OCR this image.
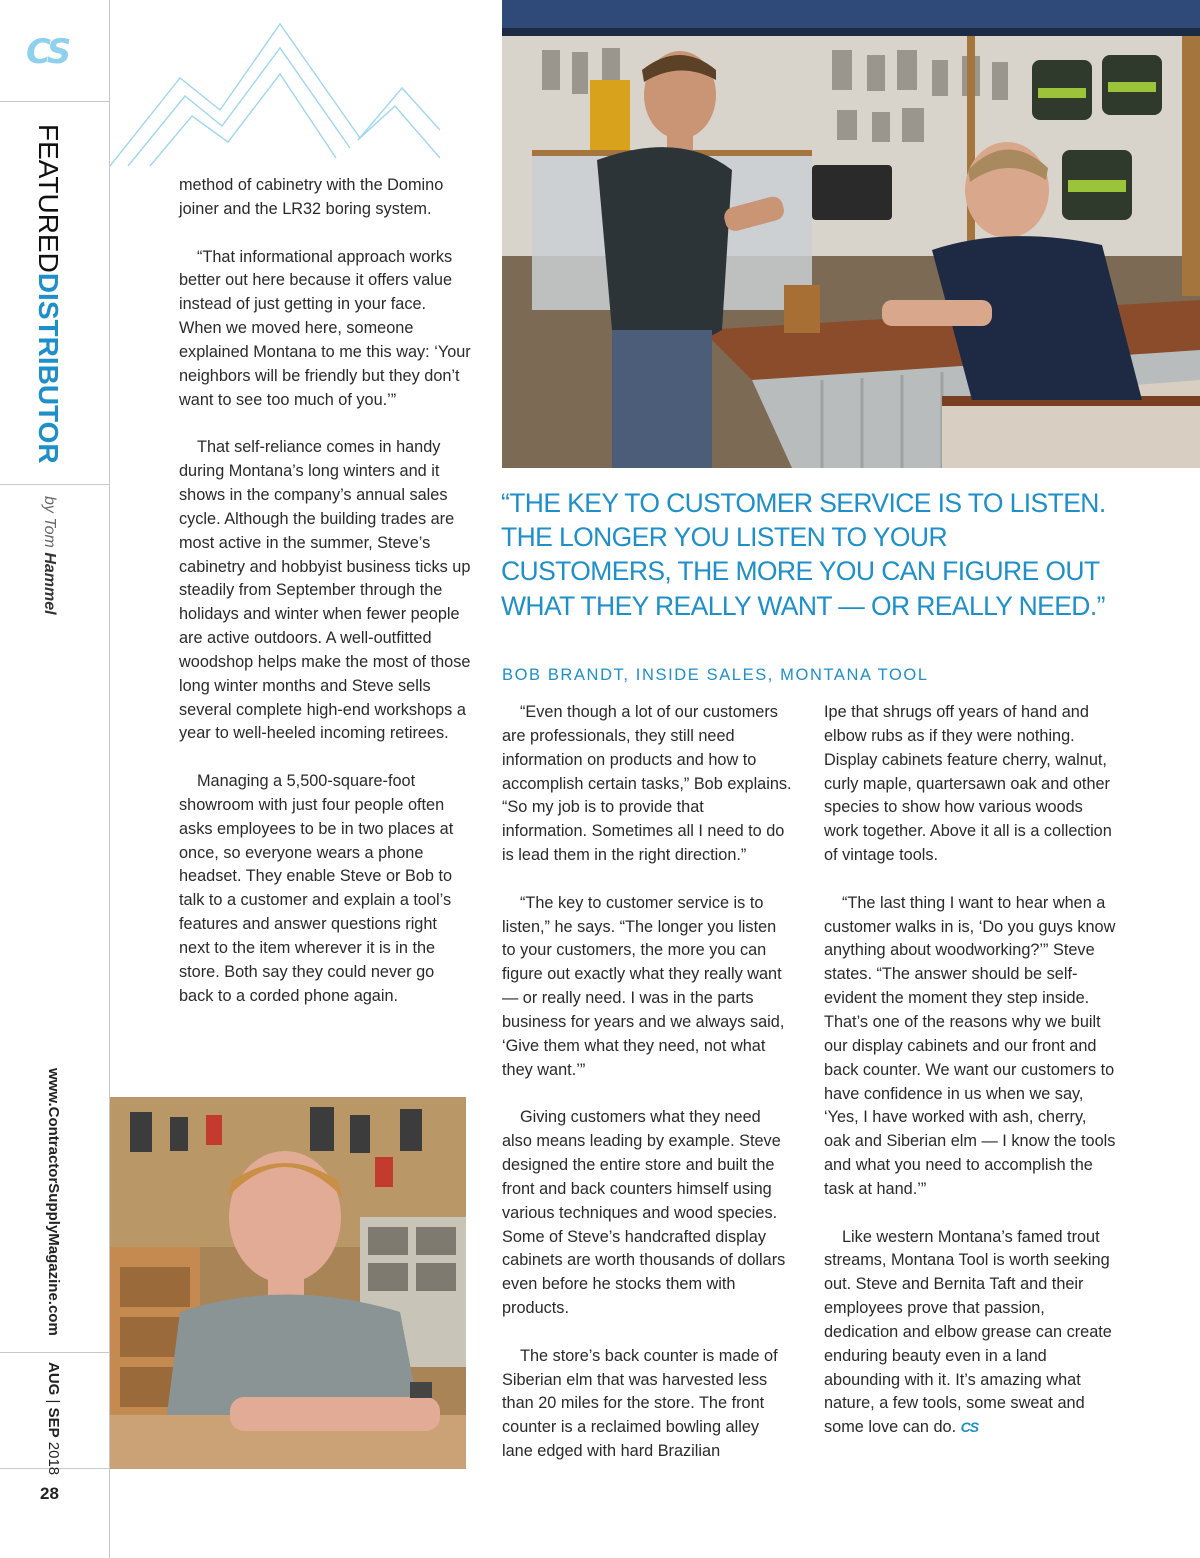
CS
FEATUREDDISTRIBUTOR
by Tom Hammel
www.ContractorSupplyMagazine.com
AUG | SEP 2018
28

method of cabinetry with the Domino joiner and the LR32 boring system.

“That informational approach works better out here because it offers value instead of just getting in your face. When we moved here, someone explained Montana to me this way: ‘Your neighbors will be friendly but they don’t want to see too much of you.’”

That self-reliance comes in handy during Montana’s long winters and it shows in the company’s annual sales cycle. Although the building trades are most active in the summer, Steve’s cabinetry and hobbyist business ticks up steadily from September through the holidays and winter when fewer people are active outdoors. A well-outfitted woodshop helps make the most of those long winter months and Steve sells several complete high-end workshops a year to well-heeled incoming retirees.

Managing a 5,500-square-foot showroom with just four people often asks employees to be in two places at once, so everyone wears a phone headset. They enable Steve or Bob to talk to a customer and explain a tool’s features and answer questions right next to the item wherever it is in the store. Both say they could never go back to a corded phone again.

“THE KEY TO CUSTOMER SERVICE IS TO LISTEN. THE LONGER YOU LISTEN TO YOUR CUSTOMERS, THE MORE YOU CAN FIGURE OUT WHAT THEY REALLY WANT — OR REALLY NEED.”
BOB BRANDT, INSIDE SALES, MONTANA TOOL

“Even though a lot of our customers are professionals, they still need information on products and how to accomplish certain tasks,” Bob explains. “So my job is to provide that information. Sometimes all I need to do is lead them in the right direction.”

“The key to customer service is to listen,” he says. “The longer you listen to your customers, the more you can figure out exactly what they really want — or really need. I was in the parts business for years and we always said, ‘Give them what they need, not what they want.’”

Giving customers what they need also means leading by example. Steve designed the entire store and built the front and back counters himself using various techniques and wood species. Some of Steve’s handcrafted display cabinets are worth thousands of dollars even before he stocks them with products.

The store’s back counter is made of Siberian elm that was harvested less than 20 miles for the store. The front counter is a reclaimed bowling alley lane edged with hard Brazilian

Ipe that shrugs off years of hand and elbow rubs as if they were nothing. Display cabinets feature cherry, walnut, curly maple, quartersawn oak and other species to show how various woods work together. Above it all is a collection of vintage tools.

“The last thing I want to hear when a customer walks in is, ‘Do you guys know anything about woodworking?’” Steve states. “The answer should be self-evident the moment they step inside. That’s one of the reasons why we built our display cabinets and our front and back counter. We want our customers to have confidence in us when we say, ‘Yes, I have worked with ash, cherry, oak and Siberian elm — I know the tools and what you need to accomplish the task at hand.’”

Like western Montana’s famed trout streams, Montana Tool is worth seeking out. Steve and Bernita Taft and their employees prove that passion, dedication and elbow grease can create enduring beauty even in a land abounding with it. It’s amazing what nature, a few tools, some sweat and some love can do. CS
